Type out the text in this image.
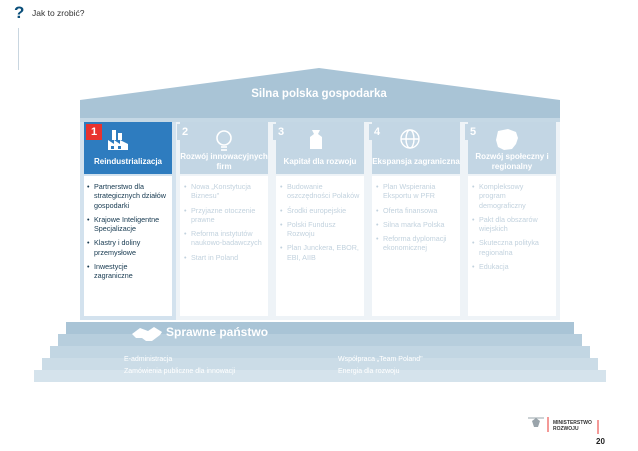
? Jak to zrobić?
Silna polska gospodarka
1	2	3	4	5
Reindustrializacja
Rozwój innowacyjnych firm
Kapitał dla rozwoju	Ekspansja zagraniczna
Rozwój społeczny i regionalny
• Partnerstwo dla strategicznych działów gospodarki
• Krajowe Inteligentne Specjalizacje
• Klastry i doliny przemysłowe
• Inwestycje zagraniczne
• Nowa „Konstytucja Biznesu"
• Przyjazne otoczenie prawne
• Reforma instytutów naukowo-badawczych
• Start in Poland
• Budowanie oszczędności Polaków
• Środki europejskie
• Polski Fundusz Rozwoju
• Plan Junckera, EBOR, EBI, AIIB
• Plan Wspierania Eksportu w PFR
• Oferta finansowa
• Silna marka Polska
• Reforma dyplomacji ekonomicznej
• Kompleksowy program demograficzny
• Pakt dla obszarów wiejskich
• Skuteczna polityka regionalna
• Edukacja
Sprawne państwo
E-administracja
Zamówienia publiczne dla innowacji
Współpraca „Team Poland"
Energia dla rozwoju
MINISTERSTWO ROZWOJU
20
